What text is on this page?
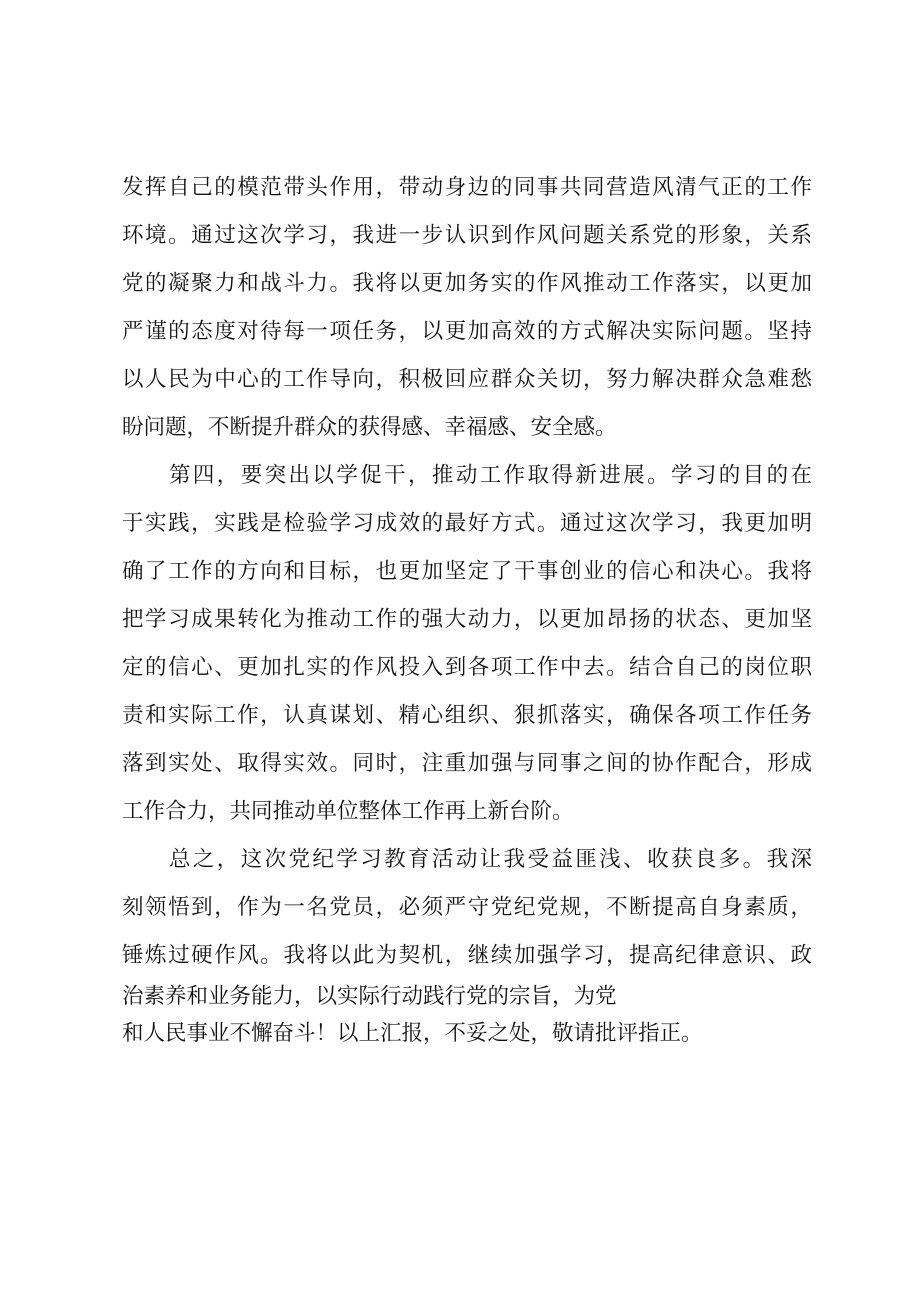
发挥自己的模范带头作用，带动身边的同事共同营造风清气正的工作
环境。通过这次学习，我进一步认识到作风问题关系党的形象，关系
党的凝聚力和战斗力。我将以更加务实的作风推动工作落实，以更加
严谨的态度对待每一项任务，以更加高效的方式解决实际问题。坚持
以人民为中心的工作导向，积极回应群众关切，努力解决群众急难愁
盼问题，不断提升群众的获得感、幸福感、安全感。
第四，要突出以学促干，推动工作取得新进展。学习的目的在
于实践，实践是检验学习成效的最好方式。通过这次学习，我更加明
确了工作的方向和目标，也更加坚定了干事创业的信心和决心。我将
把学习成果转化为推动工作的强大动力，以更加昂扬的状态、更加坚
定的信心、更加扎实的作风投入到各项工作中去。结合自己的岗位职
责和实际工作，认真谋划、精心组织、狠抓落实，确保各项工作任务
落到实处、取得实效。同时，注重加强与同事之间的协作配合，形成
工作合力，共同推动单位整体工作再上新台阶。
总之，这次党纪学习教育活动让我受益匪浅、收获良多。我深
刻领悟到，作为一名党员，必须严守党纪党规，不断提高自身素质，
锤炼过硬作风。我将以此为契机，继续加强学习，提高纪律意识、政
治素养和业务能力，以实际行动践行党的宗旨，为党
和人民事业不懈奋斗！以上汇报，不妥之处，敬请批评指正。
